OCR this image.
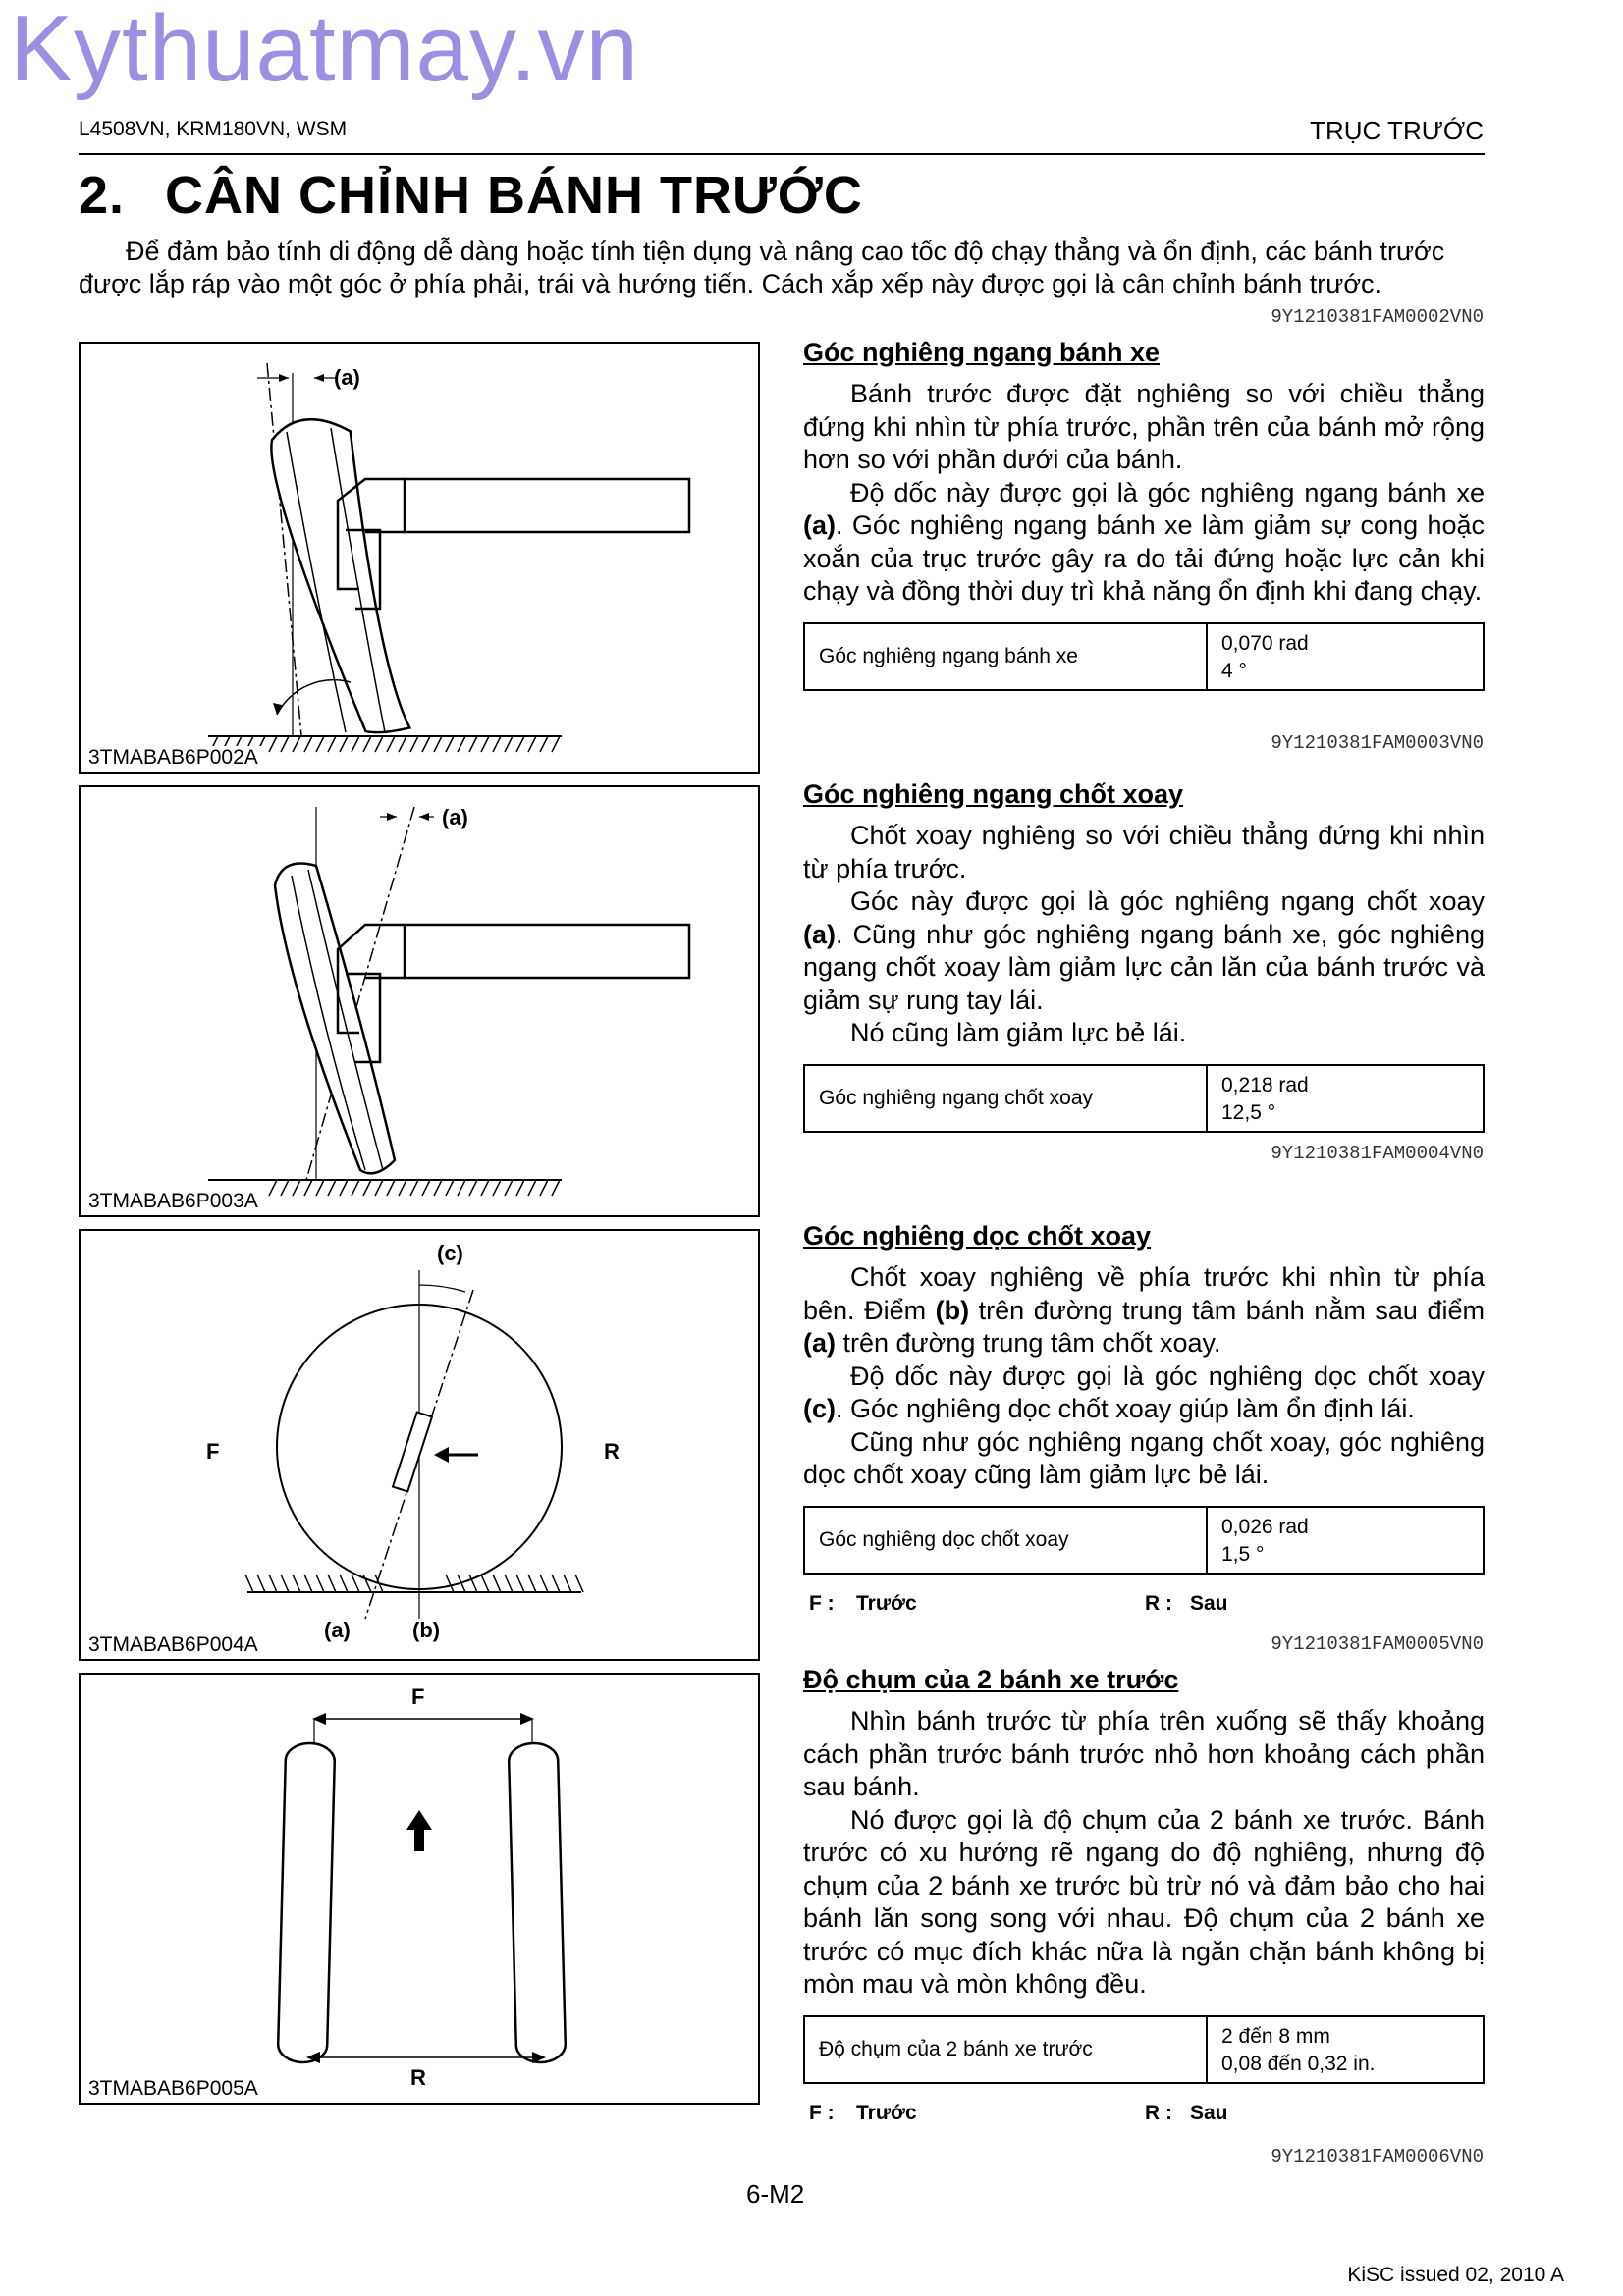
Kythuatmay.vn
L4508VN, KRM180VN, WSM	TRỤC TRƯỚC
2. CÂN CHỈNH BÁNH TRƯỚC
Để đảm bảo tính di động dễ dàng hoặc tính tiện dụng và nâng cao tốc độ chạy thẳng và ổn định, các bánh trước được lắp ráp vào một góc ở phía phải, trái và hướng tiến. Cách xắp xếp này được gọi là cân chỉnh bánh trước.
9Y1210381FAM0002VN0
(a)
3TMABAB6P002A
(a)
3TMABAB6P003A
(c)
F	R
(a)	(b)
3TMABAB6P004A
F
R
3TMABAB6P005A
Góc nghiêng ngang bánh xe

Bánh trước được đặt nghiêng so với chiều thẳng đứng khi nhìn từ phía trước, phần trên của bánh mở rộng hơn so với phần dưới của bánh.

Độ dốc này được gọi là góc nghiêng ngang bánh xe (a). Góc nghiêng ngang bánh xe làm giảm sự cong hoặc xoắn của trục trước gây ra do tải đứng hoặc lực cản khi chạy và đồng thời duy trì khả năng ổn định khi đang chạy.

Góc nghiêng ngang bánh xe
0,070 rad
4 °
9Y1210381FAM0003VN0
Góc nghiêng ngang chốt xoay

Chốt xoay nghiêng so với chiều thẳng đứng khi nhìn từ phía trước.

Góc này được gọi là góc nghiêng ngang chốt xoay (a). Cũng như góc nghiêng ngang bánh xe, góc nghiêng ngang chốt xoay làm giảm lực cản lăn của bánh trước và giảm sự rung tay lái.

Nó cũng làm giảm lực bẻ lái.

Góc nghiêng ngang chốt xoay
0,218 rad
12,5 °
9Y1210381FAM0004VN0
Góc nghiêng dọc chốt xoay

Chốt xoay nghiêng về phía trước khi nhìn từ phía bên. Điểm (b) trên đường trung tâm bánh nằm sau điểm (a) trên đường trung tâm chốt xoay.

Độ dốc này được gọi là góc nghiêng dọc chốt xoay (c). Góc nghiêng dọc chốt xoay giúp làm ổn định lái.

Cũng như góc nghiêng ngang chốt xoay, góc nghiêng dọc chốt xoay cũng làm giảm lực bẻ lái.

Góc nghiêng dọc chốt xoay
0,026 rad
1,5 °
F :	Trước	R : Sau
9Y1210381FAM0005VN0
Độ chụm của 2 bánh xe trước

Nhìn bánh trước từ phía trên xuống sẽ thấy khoảng cách phần trước bánh trước nhỏ hơn khoảng cách phần sau bánh.

Nó được gọi là độ chụm của 2 bánh xe trước. Bánh trước có xu hướng rẽ ngang do độ nghiêng, nhưng độ chụm của 2 bánh xe trước bù trừ nó và đảm bảo cho hai bánh lăn song song với nhau. Độ chụm của 2 bánh xe trước có mục đích khác nữa là ngăn chặn bánh không bị mòn mau và mòn không đều.

Độ chụm của 2 bánh xe trước
2 đến 8 mm
0,08 đến 0,32 in.
F :	Trước	R : Sau
9Y1210381FAM0006VN0
6-M2
KiSC issued 02, 2010 A
